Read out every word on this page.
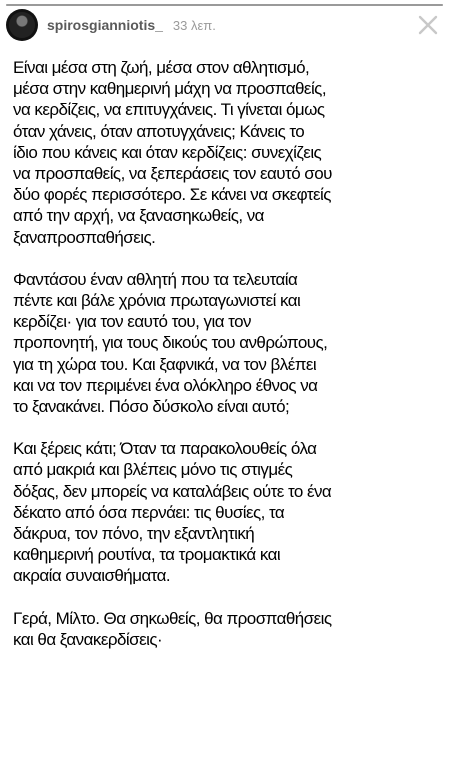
spirosgianniotis_ 33 λεπ.
Είναι μέσα στη ζωή, μέσα στον αθλητισμό,
μέσα στην καθημερινή μάχη να προσπαθείς,
να κερδίζεις, να επιτυγχάνεις. Τι γίνεται όμως
όταν χάνεις, όταν αποτυγχάνεις; Κάνεις το
ίδιο που κάνεις και όταν κερδίζεις: συνεχίζεις
να προσπαθείς, να ξεπεράσεις τον εαυτό σου
δύο φορές περισσότερο. Σε κάνει να σκεφτείς
από την αρχή, να ξανασηκωθείς, να
ξαναπροσπαθήσεις.
Φαντάσου έναν αθλητή που τα τελευταία
πέντε και βάλε χρόνια πρωταγωνιστεί και
κερδίζει· για τον εαυτό του, για τον
προπονητή, για τους δικούς του ανθρώπους,
για τη χώρα του. Και ξαφνικά, να τον βλέπει
και να τον περιμένει ένα ολόκληρο έθνος να
το ξανακάνει. Πόσο δύσκολο είναι αυτό;
Και ξέρεις κάτι; Όταν τα παρακολουθείς όλα
από μακριά και βλέπεις μόνο τις στιγμές
δόξας, δεν μπορείς να καταλάβεις ούτε το ένα
δέκατο από όσα περνάει: τις θυσίες, τα
δάκρυα, τον πόνο, την εξαντλητική
καθημερινή ρουτίνα, τα τρομακτικά και
ακραία συναισθήματα.
Γερά, Μίλτο. Θα σηκωθείς, θα προσπαθήσεις
και θα ξανακερδίσεις·
